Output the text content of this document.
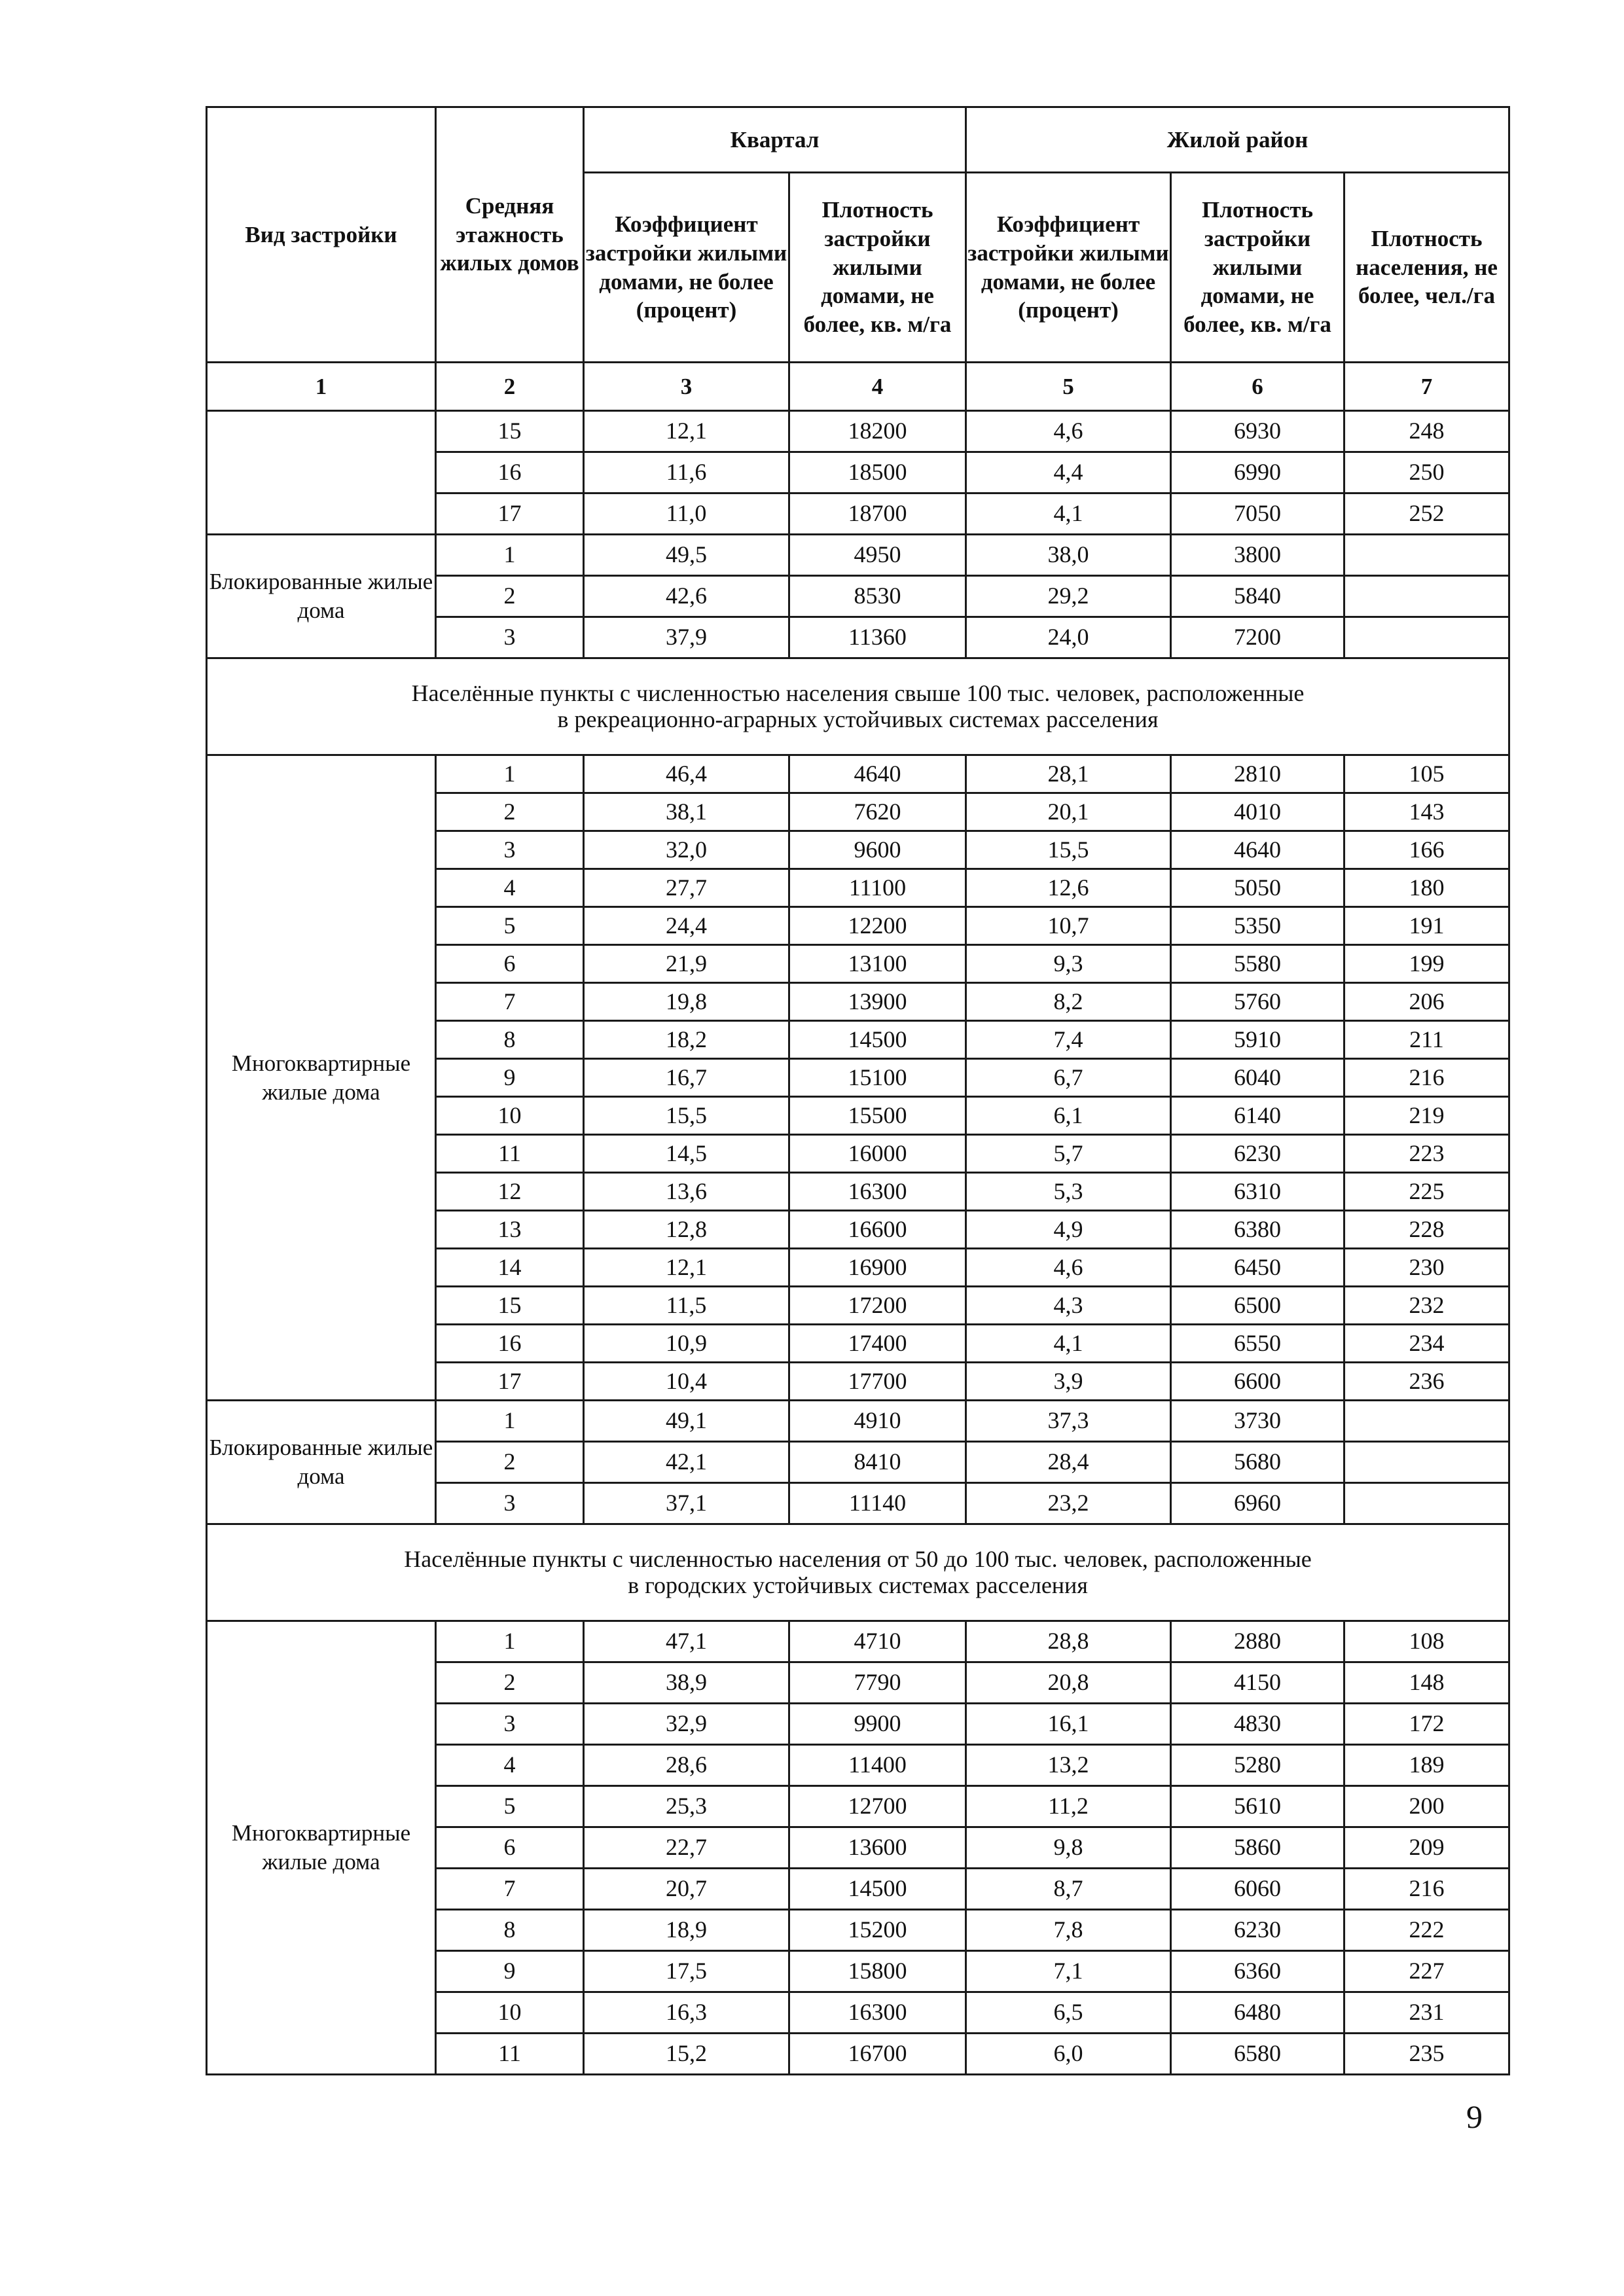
Вид застройки	Средняя этажность жилых домов	Квартал		Жилой район		
		Коэффициент застройки жилыми домами, не более (процент)	Плотность застройки жилыми домами, не более, кв. м/га	Коэффициент застройки жилыми домами, не более (процент)	Плотность застройки жилыми домами, не более, кв. м/га	Плотность населения, не более, чел./га
1	2	3	4	5	6	7
	15	12,1	18200	4,6	6930	248
	16	11,6	18500	4,4	6990	250
	17	11,0	18700	4,1	7050	252
Блокированные жилые дома	1	49,5	4950	38,0	3800	
	2	42,6	8530	29,2	5840	
	3	37,9	11360	24,0	7200	

Населённые пункты с численностью населения свыше 100 тыс. человек, расположенные
в рекреационно-аграрных устойчивых системах расселения						

Многоквартирные жилые дома	1	46,4	4640	28,1	2810	105
	2	38,1	7620	20,1	4010	143
	3	32,0	9600	15,5	4640	166
	4	27,7	11100	12,6	5050	180
	5	24,4	12200	10,7	5350	191
	6	21,9	13100	9,3	5580	199
	7	19,8	13900	8,2	5760	206
	8	18,2	14500	7,4	5910	211
	9	16,7	15100	6,7	6040	216
	10	15,5	15500	6,1	6140	219
	11	14,5	16000	5,7	6230	223
	12	13,6	16300	5,3	6310	225
	13	12,8	16600	4,9	6380	228
	14	12,1	16900	4,6	6450	230
	15	11,5	17200	4,3	6500	232
	16	10,9	17400	4,1	6550	234
	17	10,4	17700	3,9	6600	236
Блокированные жилые дома	1	49,1	4910	37,3	3730	
	2	42,1	8410	28,4	5680	
	3	37,1	11140	23,2	6960	

Населённые пункты с численностью населения от 50 до 100 тыс. человек, расположенные
в городских устойчивых системах расселения						

Многоквартирные жилые дома	1	47,1	4710	28,8	2880	108
	2	38,9	7790	20,8	4150	148
	3	32,9	9900	16,1	4830	172
	4	28,6	11400	13,2	5280	189
	5	25,3	12700	11,2	5610	200
	6	22,7	13600	9,8	5860	209
	7	20,7	14500	8,7	6060	216
	8	18,9	15200	7,8	6230	222
	9	17,5	15800	7,1	6360	227
	10	16,3	16300	6,5	6480	231
	11	15,2	16700	6,0	6580	235
9
